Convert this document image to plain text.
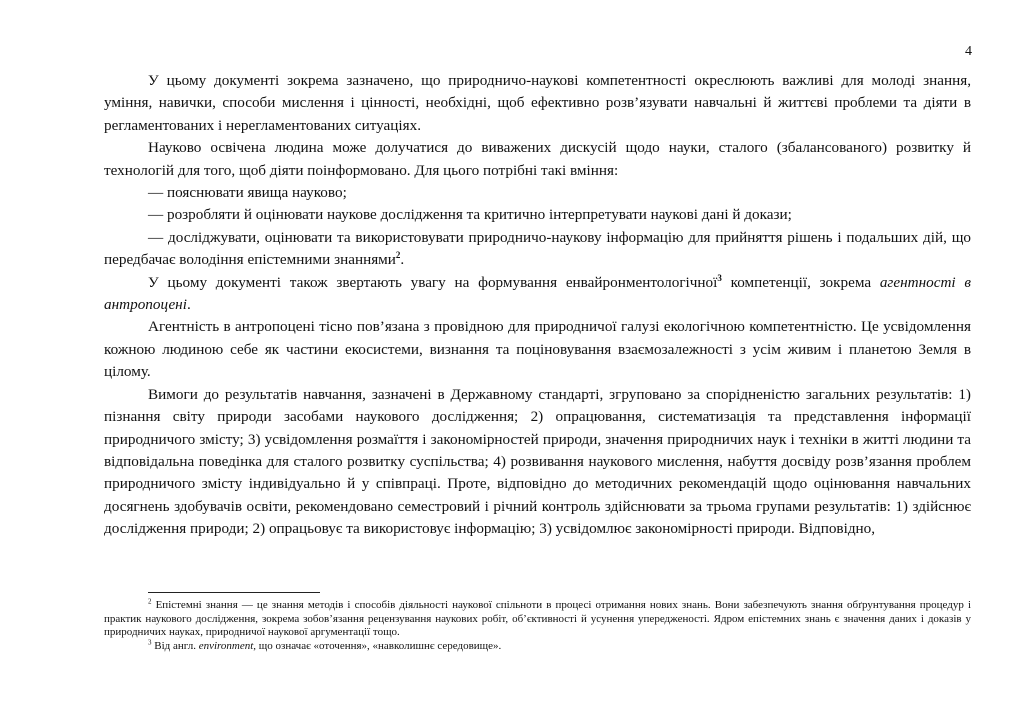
4

У цьому документі зокрема зазначено, що природничо-наукові компетентності окреслюють важливі для молоді знання, уміння, навички, способи мислення і цінності, необхідні, щоб ефективно розв’язувати навчальні й життєві проблеми та діяти в регламентованих і нерегламентованих ситуаціях.

Науково освічена людина може долучатися до виважених дискусій щодо науки, сталого (збалансованого) розвитку й технологій для того, щоб діяти поінформовано. Для цього потрібні такі вміння:

— пояснювати явища науково;

— розробляти й оцінювати наукове дослідження та критично інтерпретувати наукові дані й докази;

— досліджувати, оцінювати та використовувати природничо-наукову інформацію для прийняття рішень і подальших дій, що передбачає володіння епістемними знаннями$^2$.

У цьому документі також звертають увагу на формування енвайронментологічної$^3$ компетенції, зокрема агентності в антропоцені.

Агентність в антропоцені тісно пов’язана з провідною для природничої галузі екологічною компетентністю. Це усвідомлення кожною людиною себе як частини екосистеми, визнання та поціновування взаємозалежності з усім живим і планетою Земля в цілому.

Вимоги до результатів навчання, зазначені в Державному стандарті, згруповано за спорідненістю загальних результатів: 1) пізнання світу природи засобами наукового дослідження; 2) опрацювання, систематизація та представлення інформації природничого змісту; 3) усвідомлення розмаїття і закономірностей природи, значення природничих наук і техніки в житті людини та відповідальна поведінка для сталого розвитку суспільства; 4) розвивання наукового мислення, набуття досвіду розв’язання проблем природничого змісту індивідуально й у співпраці. Проте, відповідно до методичних рекомендацій щодо оцінювання навчальних досягнень здобувачів освіти, рекомендовано семестровий і річний контроль здійснювати за трьома групами результатів: 1) здійснює дослідження природи; 2) опрацьовує та використовує інформацію; 3) усвідомлює закономірності природи. Відповідно,

$^2$ Епістемні знання — це знання методів і способів діяльності наукової спільноти в процесі отримання нових знань. Вони забезпечують знання обґрунтування процедур і практик наукового дослідження, зокрема зобов’язання рецензування наукових робіт, об’єктивності й усунення упередженості. Ядром епістемних знань є значення даних і доказів у природничих науках, природничої наукової аргументації тощо.

$^3$ Від англ. environment, що означає «оточення», «навколишнє середовище».
